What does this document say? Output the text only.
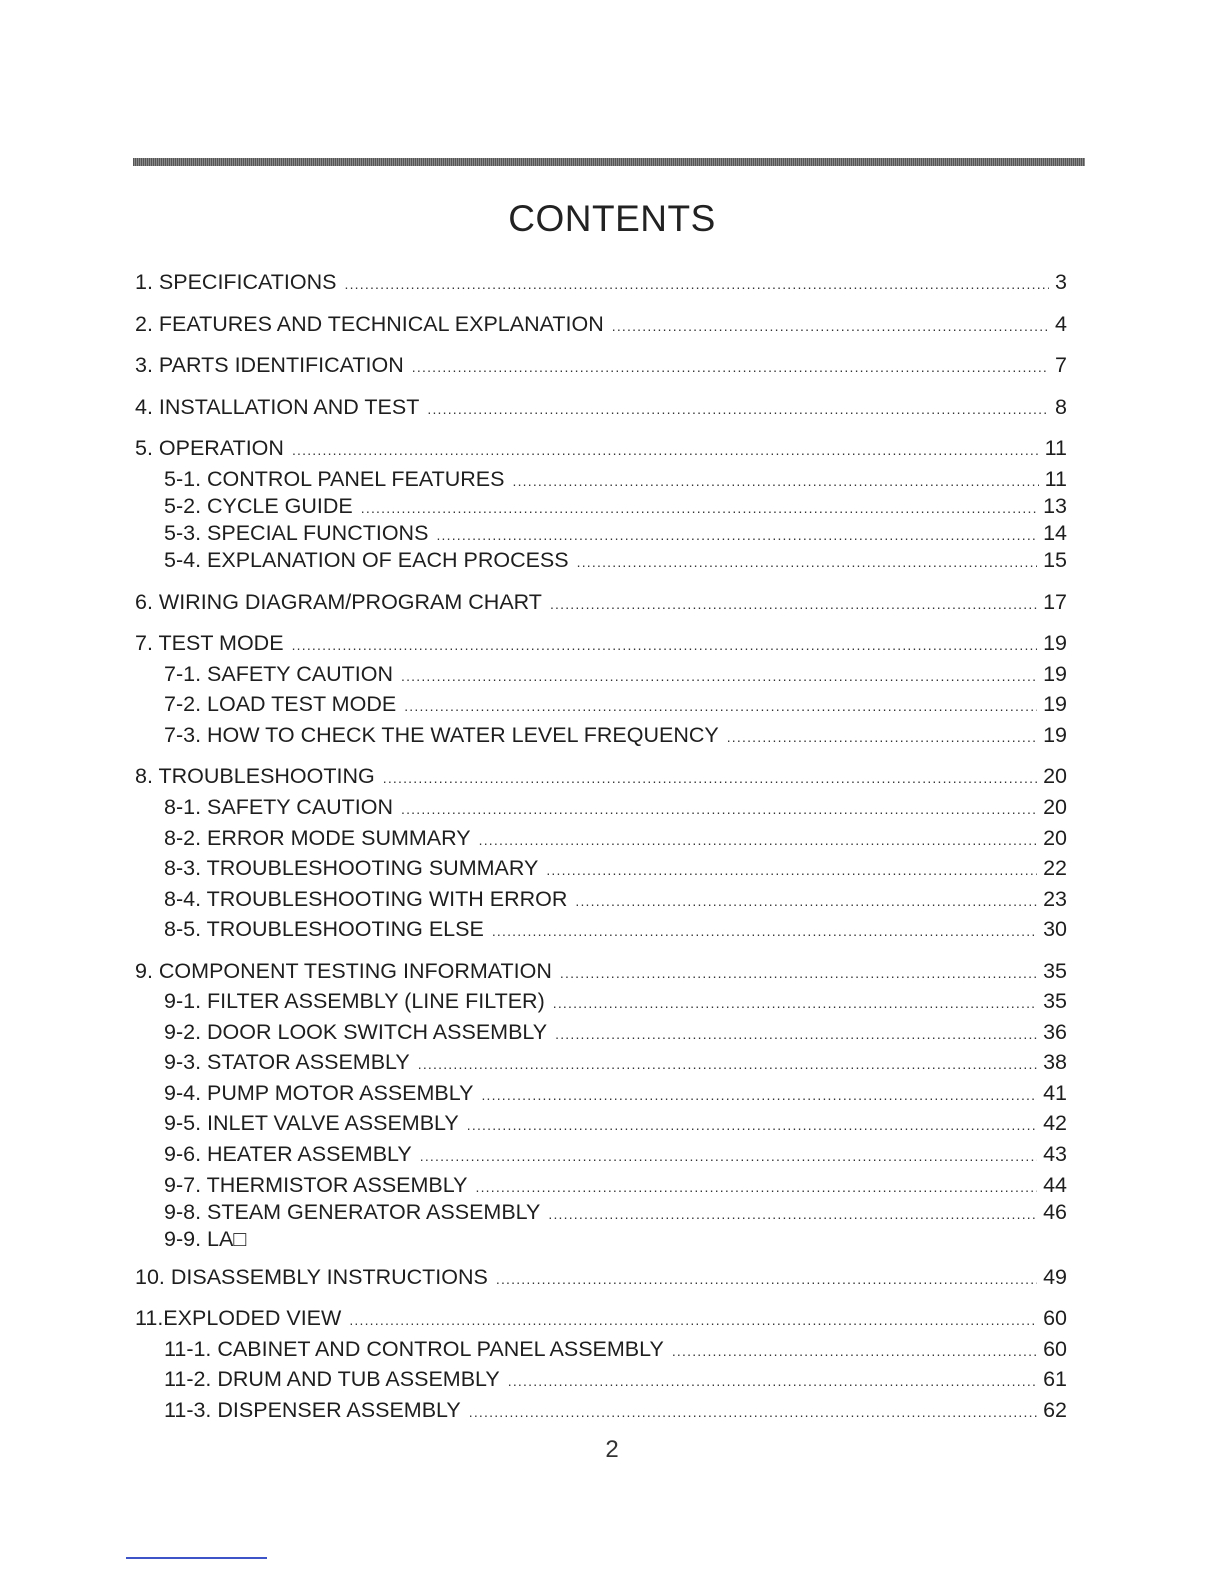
CONTENTS
1. SPECIFICATIONS .....	3
2. FEATURES AND TECHNICAL EXPLANATION .....	4
3. PARTS IDENTIFICATION .....	7
4. INSTALLATION AND TEST .....	8
5. OPERATION .....	11
5-1. CONTROL PANEL FEATURES .....	11
5-2. CYCLE GUIDE .....	13
5-3. SPECIAL FUNCTIONS .....	14
5-4. EXPLANATION OF EACH PROCESS .....	15
6. WIRING DIAGRAM/PROGRAM CHART .....	17
7. TEST MODE .....	19
7-1. SAFETY CAUTION .....	19
7-2. LOAD TEST MODE .....	19
7-3. HOW TO CHECK THE WATER LEVEL FREQUENCY .....	19
8. TROUBLESHOOTING .....	20
8-1. SAFETY CAUTION .....	20
8-2. ERROR MODE SUMMARY .....	20
8-3. TROUBLESHOOTING SUMMARY .....	22
8-4. TROUBLESHOOTING WITH ERROR .....	23
8-5. TROUBLESHOOTING ELSE .....	30
9. COMPONENT TESTING INFORMATION .....	35
9-1. FILTER ASSEMBLY (LINE FILTER) .....	35
9-2. DOOR LOOK SWITCH ASSEMBLY .....	36
9-3. STATOR ASSEMBLY .....	38
9-4. PUMP MOTOR ASSEMBLY .....	41
9-5. INLET VALVE ASSEMBLY .....	42
9-6. HEATER ASSEMBLY .....	43
9-7. THERMISTOR ASSEMBLY .....	44
9-8. STEAM GENERATOR ASSEMBLY .....	46
9-9. LA□
10. DISASSEMBLY INSTRUCTIONS .....	49
11.EXPLODED VIEW .....	60
11-1. CABINET AND CONTROL PANEL ASSEMBLY .....	60
11-2. DRUM AND TUB ASSEMBLY .....	61
11-3. DISPENSER ASSEMBLY .....	62
2
